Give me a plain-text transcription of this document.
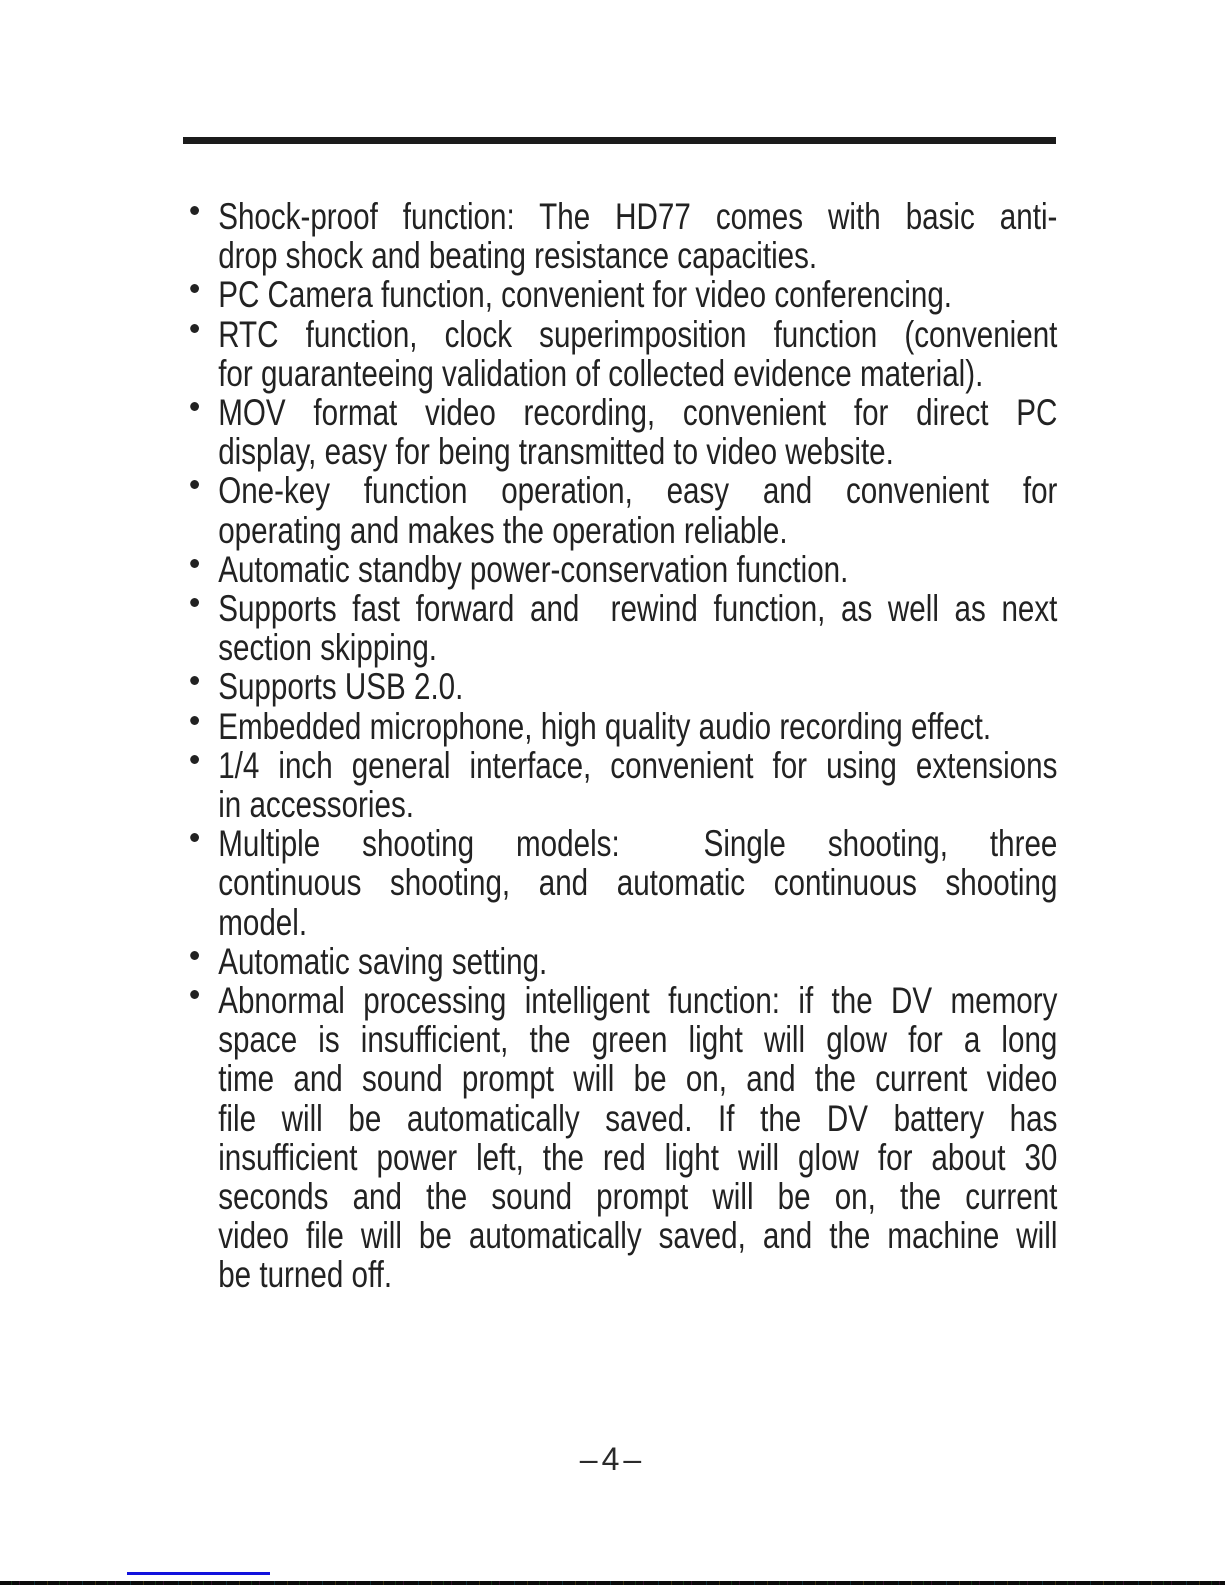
Shock-proof function: The HD77 comes with basic anti-
drop shock and beating resistance capacities.
PC Camera function, convenient for video conferencing.
RTC function, clock superimposition function (convenient
for guaranteeing validation of collected evidence material).
MOV format video recording, convenient for direct PC
display, easy for being transmitted to video website.
One-key function operation, easy and convenient for
operating and makes the operation reliable.
Automatic standby power-conservation function.
Supports fast forward and  rewind function, as well as next
section skipping.
Supports USB 2.0.
Embedded microphone, high quality audio recording effect.
1/4 inch general interface, convenient for using extensions
in accessories.
Multiple shooting models:  Single shooting, three
continuous shooting, and automatic continuous shooting
model.
Automatic saving setting.
Abnormal processing intelligent function: if the DV memory
space is insufficient, the green light will glow for a long
time and sound prompt will be on, and the current video
file will be automatically saved. If the DV battery has
insufficient power left, the red light will glow for about 30
seconds and the sound prompt will be on, the current
video file will be automatically saved, and the machine will
be turned off.
–4–
